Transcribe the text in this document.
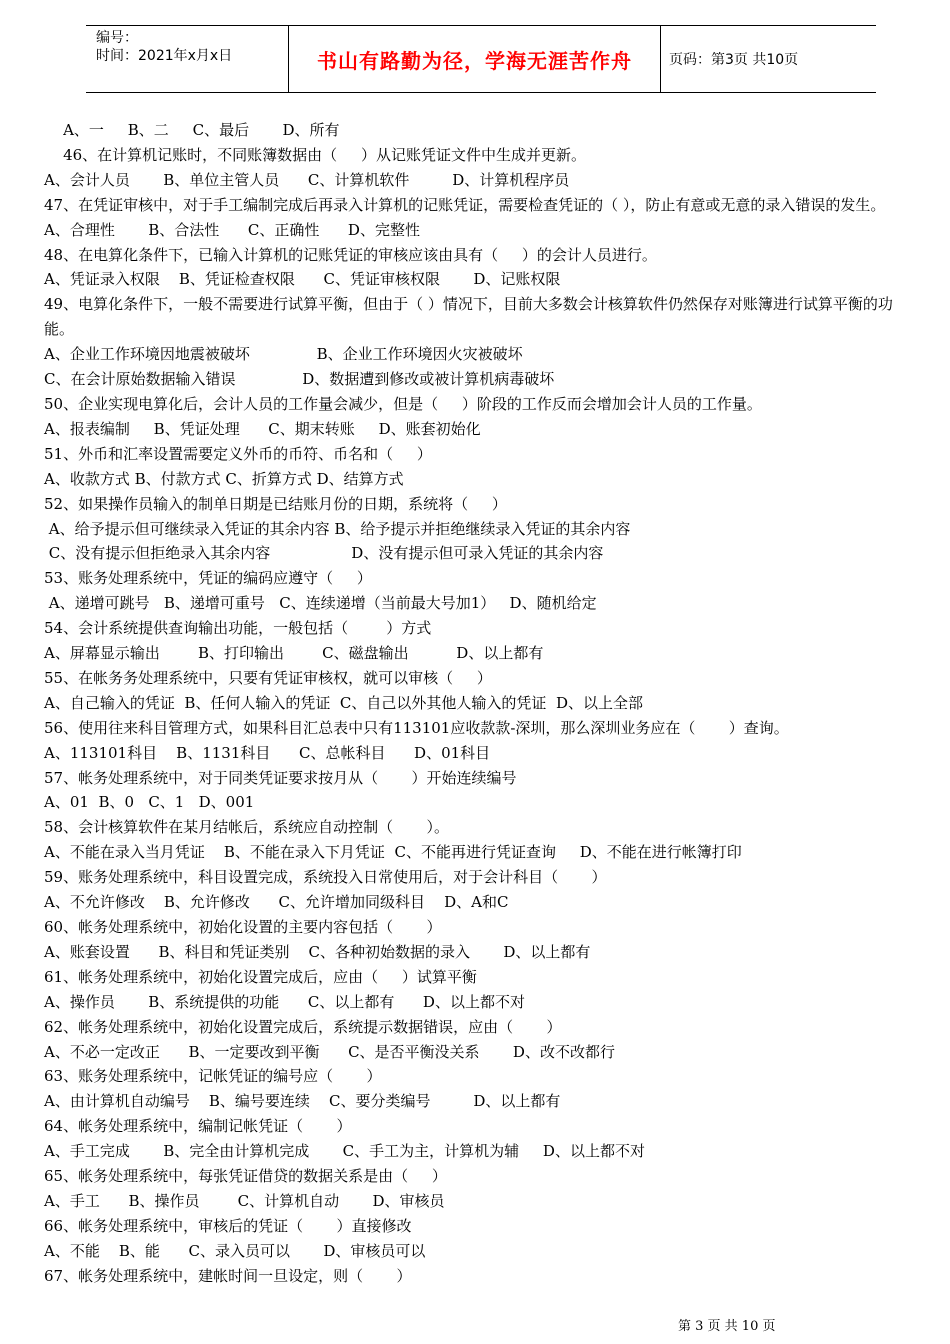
编号：
时间：2021年x月x日	书山有路勤为径，学海无涯苦作舟	页码：第3页 共10页
A、一     B、二     C、最后       D、所有
46、在计算机记账时，不同账簿数据由（     ）从记账凭证文件中生成并更新。
A、会计人员       B、单位主管人员      C、计算机软件         D、计算机程序员
47、在凭证审核中，对于手工编制完成后再录入计算机的记账凭证，需要检查凭证的（ ），防止有意或无意的录入错误的发生。
A、合理性       B、合法性      C、正确性      D、完整性
48、在电算化条件下，已输入计算机的记账凭证的审核应该由具有（     ）的会计人员进行。
A、凭证录入权限    B、凭证检查权限      C、凭证审核权限       D、记账权限
49、电算化条件下，一般不需要进行试算平衡，但由于（ ）情况下，目前大多数会计核算软件仍然保存对账簿进行试算平衡的功能。
A、企业工作环境因地震被破坏              B、企业工作环境因火灾被破坏
C、在会计原始数据输入错误              D、数据遭到修改或被计算机病毒破坏
50、企业实现电算化后，会计人员的工作量会减少，但是（     ）阶段的工作反而会增加会计人员的工作量。
A、报表编制     B、凭证处理      C、期末转账     D、账套初始化
51、外币和汇率设置需要定义外币的币符、币名和（     ）
A、收款方式 B、付款方式 C、折算方式 D、结算方式
52、如果操作员输入的制单日期是已结账月份的日期，系统将（     ）
A、给予提示但可继续录入凭证的其余内容 B、给予提示并拒绝继续录入凭证的其余内容
C、没有提示但拒绝录入其余内容                 D、没有提示但可录入凭证的其余内容
53、账务处理系统中，凭证的编码应遵守（     ）
A、递增可跳号   B、递增可重号   C、连续递增（当前最大号加1）   D、随机给定
54、会计系统提供查询输出功能，一般包括（        ）方式
A、屏幕显示输出        B、打印输出        C、磁盘输出          D、以上都有
55、在帐务务处理系统中，只要有凭证审核权，就可以审核（     ）
A、自己输入的凭证  B、任何人输入的凭证  C、自己以外其他人输入的凭证  D、以上全部
56、使用往来科目管理方式，如果科目汇总表中只有113101应收款款-深圳，那么深圳业务应在（       ）查询。
A、113101科目    B、1131科目      C、总帐科目      D、01科目
57、帐务处理系统中，对于同类凭证要求按月从（       ）开始连续编号
A、01  B、0   C、1   D、001
58、会计核算软件在某月结帐后，系统应自动控制（       ）。
A、不能在录入当月凭证    B、不能在录入下月凭证  C、不能再进行凭证查询     D、不能在进行帐簿打印
59、账务处理系统中，科目设置完成，系统投入日常使用后，对于会计科目（       ）
A、不允许修改    B、允许修改      C、允许增加同级科目    D、A和C
60、帐务处理系统中，初始化设置的主要内容包括（       ）
A、账套设置      B、科目和凭证类别    C、各种初始数据的录入       D、以上都有
61、帐务处理系统中，初始化设置完成后，应由（     ）试算平衡
A、操作员       B、系统提供的功能      C、以上都有      D、以上都不对
62、帐务处理系统中，初始化设置完成后，系统提示数据错误，应由（       ）
A、不必一定改正      B、一定要改到平衡      C、是否平衡没关系       D、改不改都行
63、账务处理系统中，记帐凭证的编号应（       ）
A、由计算机自动编号    B、编号要连续    C、要分类编号         D、以上都有
64、帐务处理系统中，编制记帐凭证（       ）
A、手工完成       B、完全由计算机完成       C、手工为主，计算机为辅     D、以上都不对
65、帐务处理系统中，每张凭证借贷的数据关系是由（     ）
A、手工      B、操作员        C、计算机自动       D、审核员
66、帐务处理系统中，审核后的凭证（       ）直接修改
A、不能    B、能      C、录入员可以       D、审核员可以
67、帐务处理系统中，建帐时间一旦设定，则（       ）
第 3 页 共 10 页
